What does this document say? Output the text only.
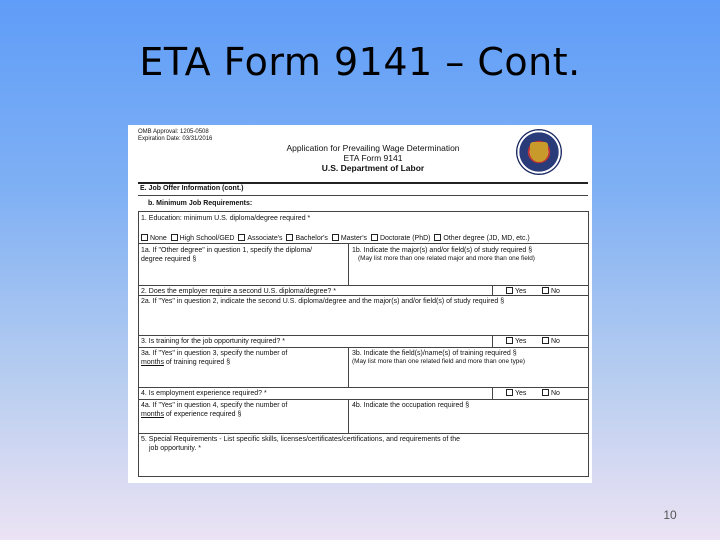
ETA Form 9141 – Cont.
OMB Approval: 1205-0508
Expiration Date: 03/31/2016
Application for Prevailing Wage Determination
ETA Form 9141
U.S. Department of Labor
E. Job Offer Information (cont.)
b. Minimum Job Requirements:
1. Education: minimum U.S. diploma/degree required *
None High School/GED Associate's Bachelor's Master's Doctorate (PhD) Other degree (JD, MD, etc.)
1a. If "Other degree" in question 1, specify the diploma/
degree required §
1b. Indicate the major(s) and/or field(s) of study required §
(May list more than one related major and more than one field)
2. Does the employer require a second U.S. diploma/degree? *	Yes	No
2a. If "Yes" in question 2, indicate the second U.S. diploma/degree and the major(s) and/or field(s) of study required §
3. Is training for the job opportunity required? *	Yes	No
3a. If "Yes" in question 3, specify the number of
months of training required §
3b. Indicate the field(s)/name(s) of training required §
(May list more than one related field and more than one type)
4. Is employment experience required? *	Yes	No
4a. If "Yes" in question 4, specify the number of
months of experience required §
4b. Indicate the occupation required §
5. Special Requirements - List specific skills, licenses/certificates/certifications, and requirements of the
job opportunity. *
10
